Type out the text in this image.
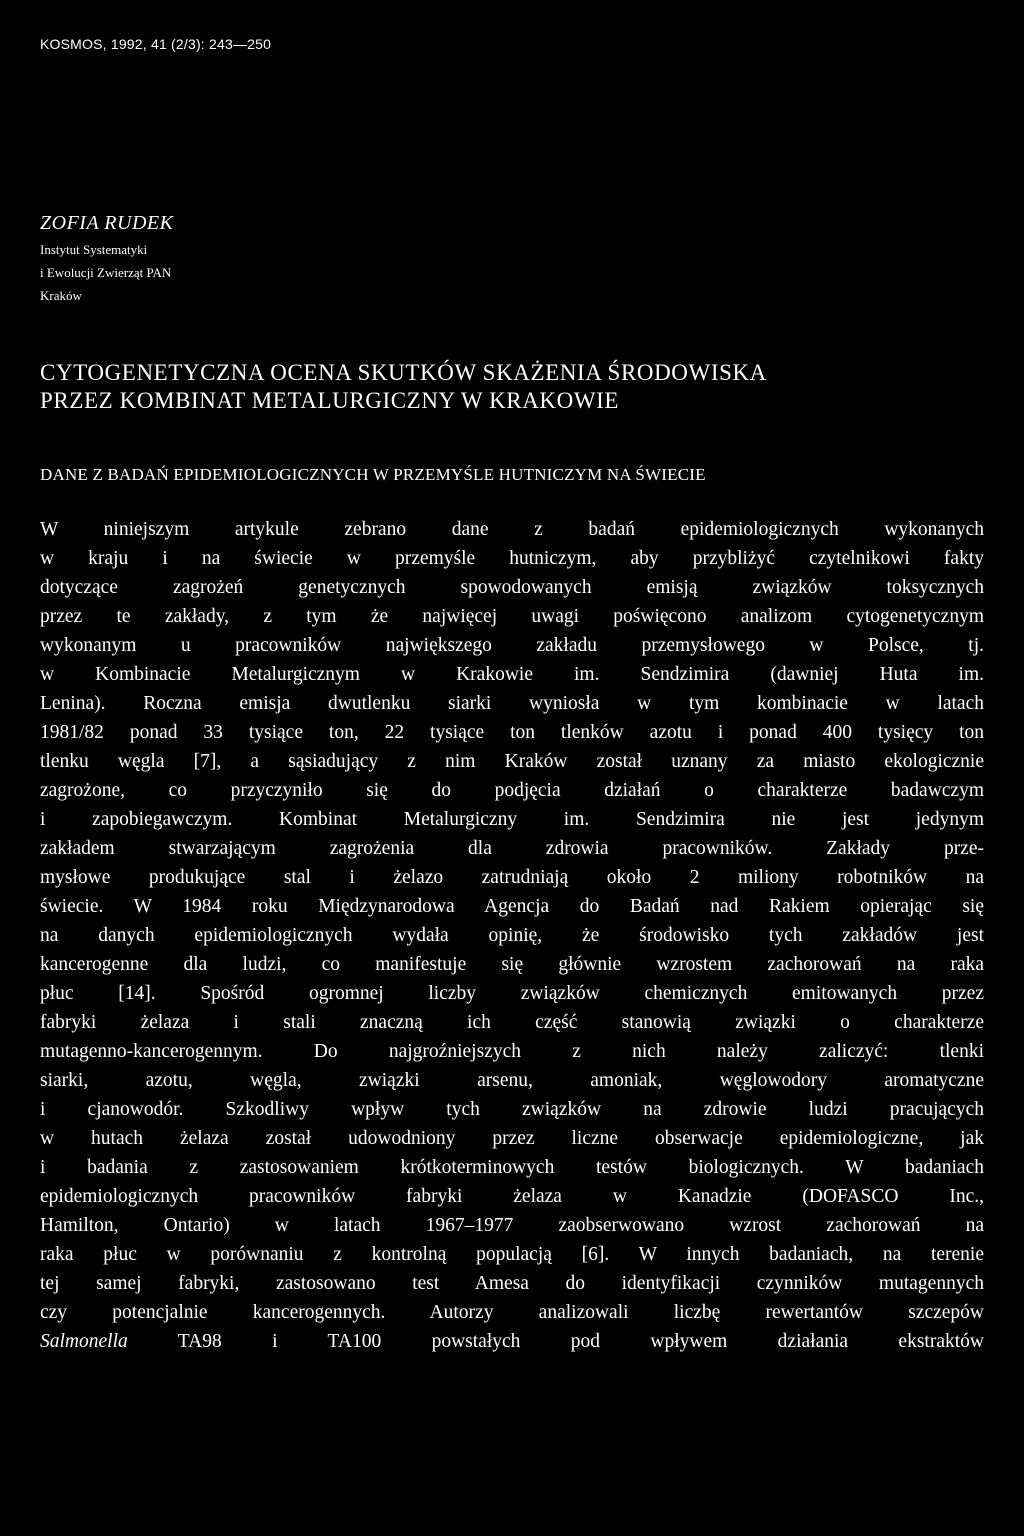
KOSMOS, 1992, 41 (2/3): 243—250
ZOFIA RUDEK
Instytut Systematyki
i Ewolucji Zwierząt PAN
Kraków
CYTOGENETYCZNA OCENA SKUTKÓW SKAŻENIA ŚRODOWISKA
PRZEZ KOMBINAT METALURGICZNY W KRAKOWIE
DANE Z BADAŃ EPIDEMIOLOGICZNYCH W PRZEMYŚLE HUTNICZYM NA ŚWIECIE
W niniejszym artykule zebrano dane z badań epidemiologicznych wykonanych
w kraju i na świecie w przemyśle hutniczym, aby przybliżyć czytelnikowi fakty
dotyczące zagrożeń genetycznych spowodowanych emisją związków toksycznych
przez te zakłady, z tym że najwięcej uwagi poświęcono analizom cytogenetycznym
wykonanym u pracowników największego zakładu przemysłowego w Polsce, tj.
w Kombinacie Metalurgicznym w Krakowie im. Sendzimira (dawniej Huta im.
Lenina). Roczna emisja dwutlenku siarki wyniosła w tym kombinacie w latach
1981/82 ponad 33 tysiące ton, 22 tysiące ton tlenków azotu i ponad 400 tysięcy ton
tlenku węgla [7], a sąsiadujący z nim Kraków został uznany za miasto ekologicznie
zagrożone, co przyczyniło się do podjęcia działań o charakterze badawczym
i zapobiegawczym. Kombinat Metalurgiczny im. Sendzimira nie jest jedynym
zakładem stwarzającym zagrożenia dla zdrowia pracowników. Zakłady prze-
mysłowe produkujące stal i żelazo zatrudniają około 2 miliony robotników na
świecie. W 1984 roku Międzynarodowa Agencja do Badań nad Rakiem opierając się
na danych epidemiologicznych wydała opinię, że środowisko tych zakładów jest
kancerogenne dla ludzi, co manifestuje się głównie wzrostem zachorowań na raka
płuc [14]. Spośród ogromnej liczby związków chemicznych emitowanych przez
fabryki żelaza i stali znaczną ich część stanowią związki o charakterze
mutagenno-kancerogennym. Do najgroźniejszych z nich należy zaliczyć: tlenki
siarki, azotu, węgla, związki arsenu, amoniak, węglowodory aromatyczne
i cjanowodór. Szkodliwy wpływ tych związków na zdrowie ludzi pracujących
w hutach żelaza został udowodniony przez liczne obserwacje epidemiologiczne, jak
i badania z zastosowaniem krótkoterminowych testów biologicznych. W badaniach
epidemiologicznych pracowników fabryki żelaza w Kanadzie (DOFASCO Inc.,
Hamilton, Ontario) w latach 1967–1977 zaobserwowano wzrost zachorowań na
raka płuc w porównaniu z kontrolną populacją [6]. W innych badaniach, na terenie
tej samej fabryki, zastosowano test Amesa do identyfikacji czynników mutagennych
czy potencjalnie kancerogennych. Autorzy analizowali liczbę rewertantów szczepów
Salmonella	TA98 i TA100 powstałych pod wpływem działania ekstraktów
